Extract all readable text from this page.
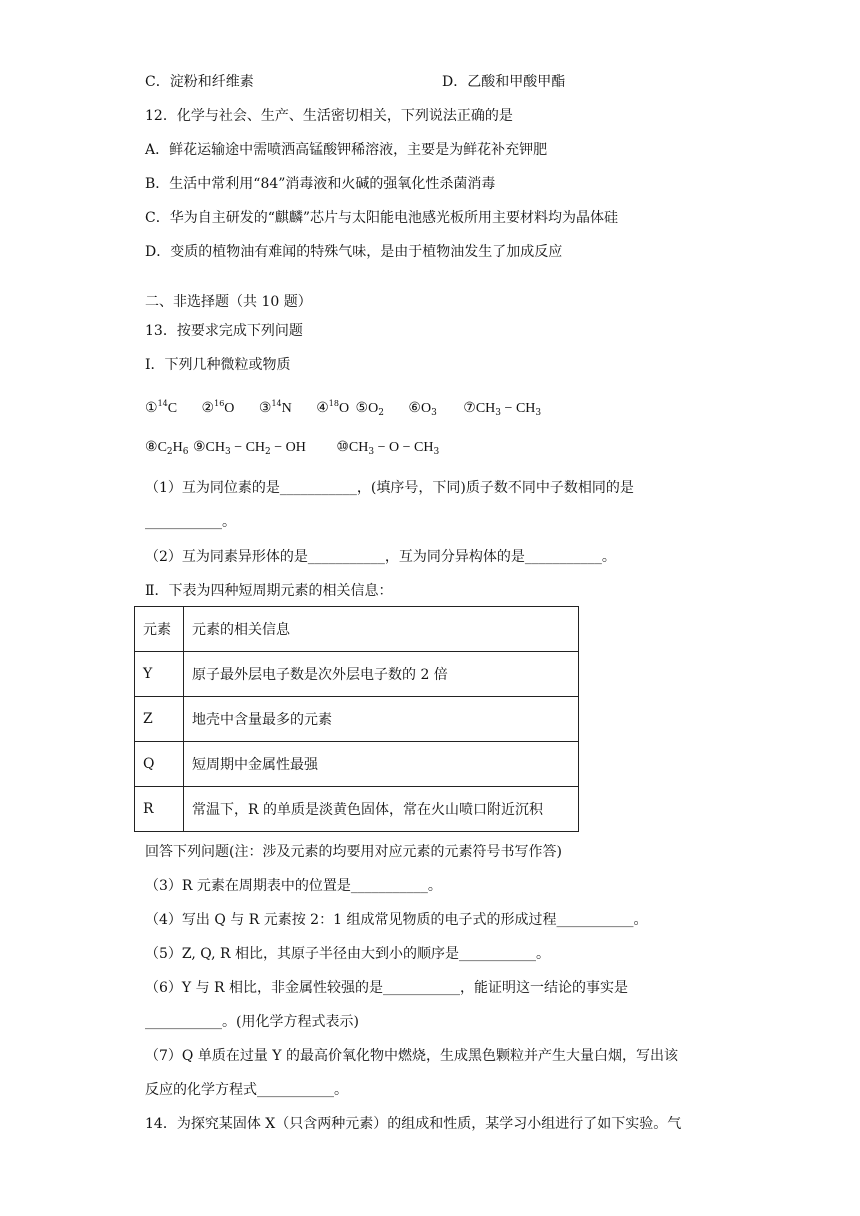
C．淀粉和纤维素	D．乙酸和甲酸甲酯
12．化学与社会、生产、生活密切相关，下列说法正确的是
A．鲜花运输途中需喷洒高锰酸钾稀溶液，主要是为鲜花补充钾肥
B．生活中常利用“84”消毒液和火碱的强氧化性杀菌消毒
C．华为自主研发的“麒麟”芯片与太阳能电池感光板所用主要材料均为晶体硅
D．变质的植物油有难闻的特殊气味，是由于植物油发生了加成反应
二、非选择题（共 10 题）
13．按要求完成下列问题
Ⅰ．下列几种微粒或物质
①$^{14}$C ②$^{16}$O ③$^{14}$N ④$^{18}$O $⑤O_2$ $⑥O_3$ $⑦CH_3 - CH_3$
$⑧C_2H_6$ $⑨CH_3 - CH_2$ − OH $⑩CH_3 - O - CH_3$
（1）互为同位素的是___________，(填序号，下同)质子数不同中子数相同的是
___________。
（2）互为同素异形体的是___________，互为同分异构体的是___________。
Ⅱ．下表为四种短周期元素的相关信息：
元素	元素的相关信息
Y	原子最外层电子数是次外层电子数的 2 倍
Z	地壳中含量最多的元素
Q	短周期中金属性最强
R	常温下，R 的单质是淡黄色固体，常在火山喷口附近沉积
回答下列问题(注：涉及元素的均要用对应元素的元素符号书写作答)
（3）R 元素在周期表中的位置是___________。
（4）写出 Q 与 R 元素按 2：1 组成常见物质的电子式的形成过程___________。
（5）Z, Q, R 相比，其原子半径由大到小的顺序是___________。
（6）Y 与 R 相比，非金属性较强的是___________，能证明这一结论的事实是
___________。(用化学方程式表示)
（7）Q 单质在过量 Y 的最高价氧化物中燃烧，生成黑色颗粒并产生大量白烟，写出该
反应的化学方程式___________。
14．为探究某固体 X（只含两种元素）的组成和性质，某学习小组进行了如下实验。气
